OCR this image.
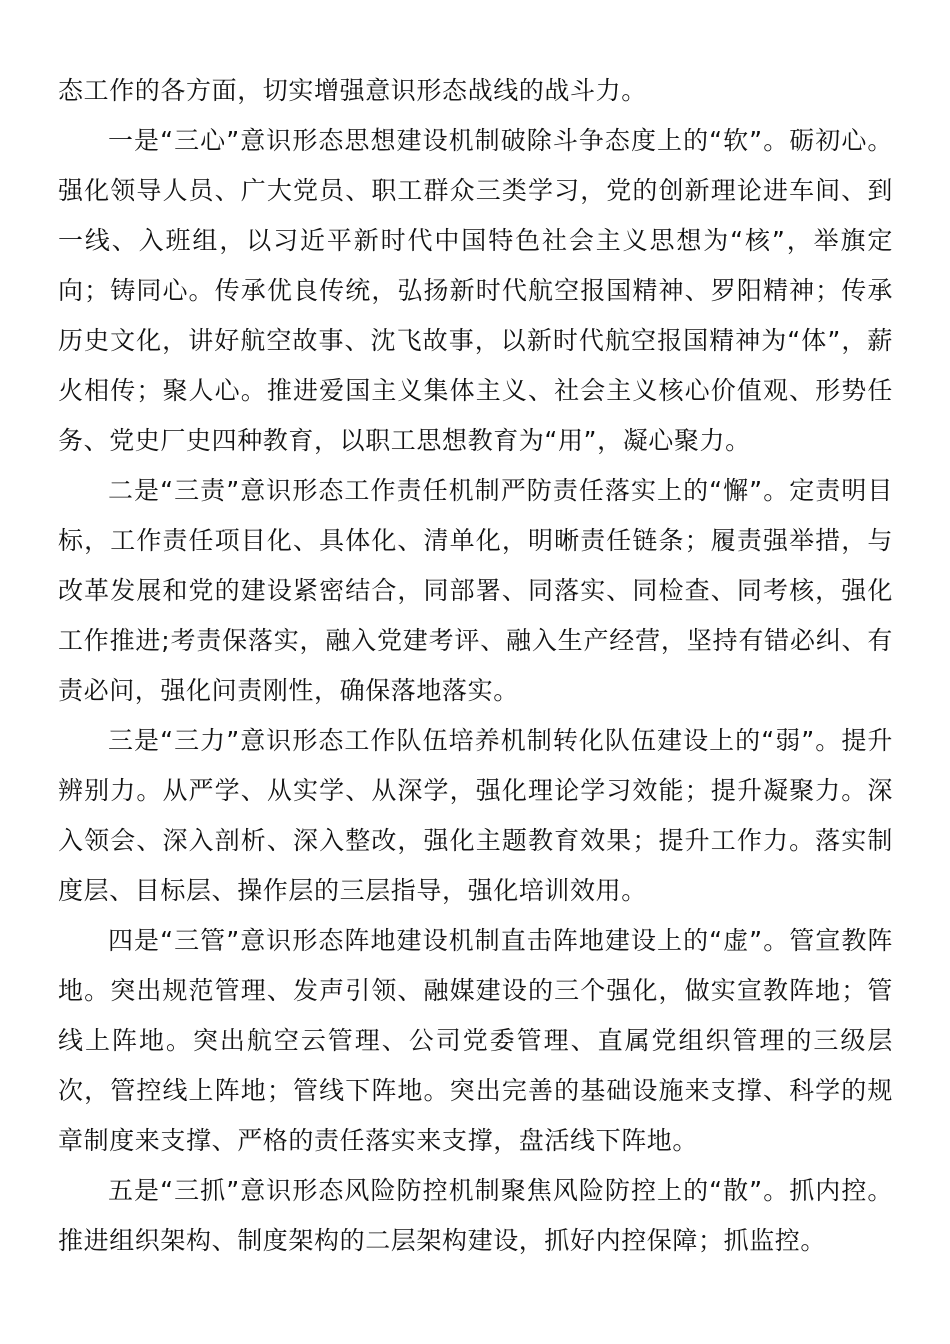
态工作的各方面，切实增强意识形态战线的战斗力。

一是“三心”意识形态思想建设机制破除斗争态度上的“软”。砺初心。强化领导人员、广大党员、职工群众三类学习，党的创新理论进车间、到一线、入班组，以习近平新时代中国特色社会主义思想为“核”，举旗定向；铸同心。传承优良传统，弘扬新时代航空报国精神、罗阳精神；传承历史文化，讲好航空故事、沈飞故事，以新时代航空报国精神为“体”，薪火相传；聚人心。推进爱国主义集体主义、社会主义核心价值观、形势任务、党史厂史四种教育，以职工思想教育为“用”，凝心聚力。

二是“三责”意识形态工作责任机制严防责任落实上的“懈”。定责明目标，工作责任项目化、具体化、清单化，明晰责任链条；履责强举措，与改革发展和党的建设紧密结合，同部署、同落实、同检查、同考核，强化工作推进;考责保落实，融入党建考评、融入生产经营，坚持有错必纠、有责必问，强化问责刚性，确保落地落实。

三是“三力”意识形态工作队伍培养机制转化队伍建设上的“弱”。提升辨别力。从严学、从实学、从深学，强化理论学习效能；提升凝聚力。深入领会、深入剖析、深入整改，强化主题教育效果；提升工作力。落实制度层、目标层、操作层的三层指导，强化培训效用。

四是“三管”意识形态阵地建设机制直击阵地建设上的“虚”。管宣教阵地。突出规范管理、发声引领、融媒建设的三个强化，做实宣教阵地；管线上阵地。突出航空云管理、公司党委管理、直属党组织管理的三级层次，管控线上阵地；管线下阵地。突出完善的基础设施来支撑、科学的规章制度来支撑、严格的责任落实来支撑，盘活线下阵地。

五是“三抓”意识形态风险防控机制聚焦风险防控上的“散”。抓内控。推进组织架构、制度架构的二层架构建设，抓好内控保障；抓监控。
